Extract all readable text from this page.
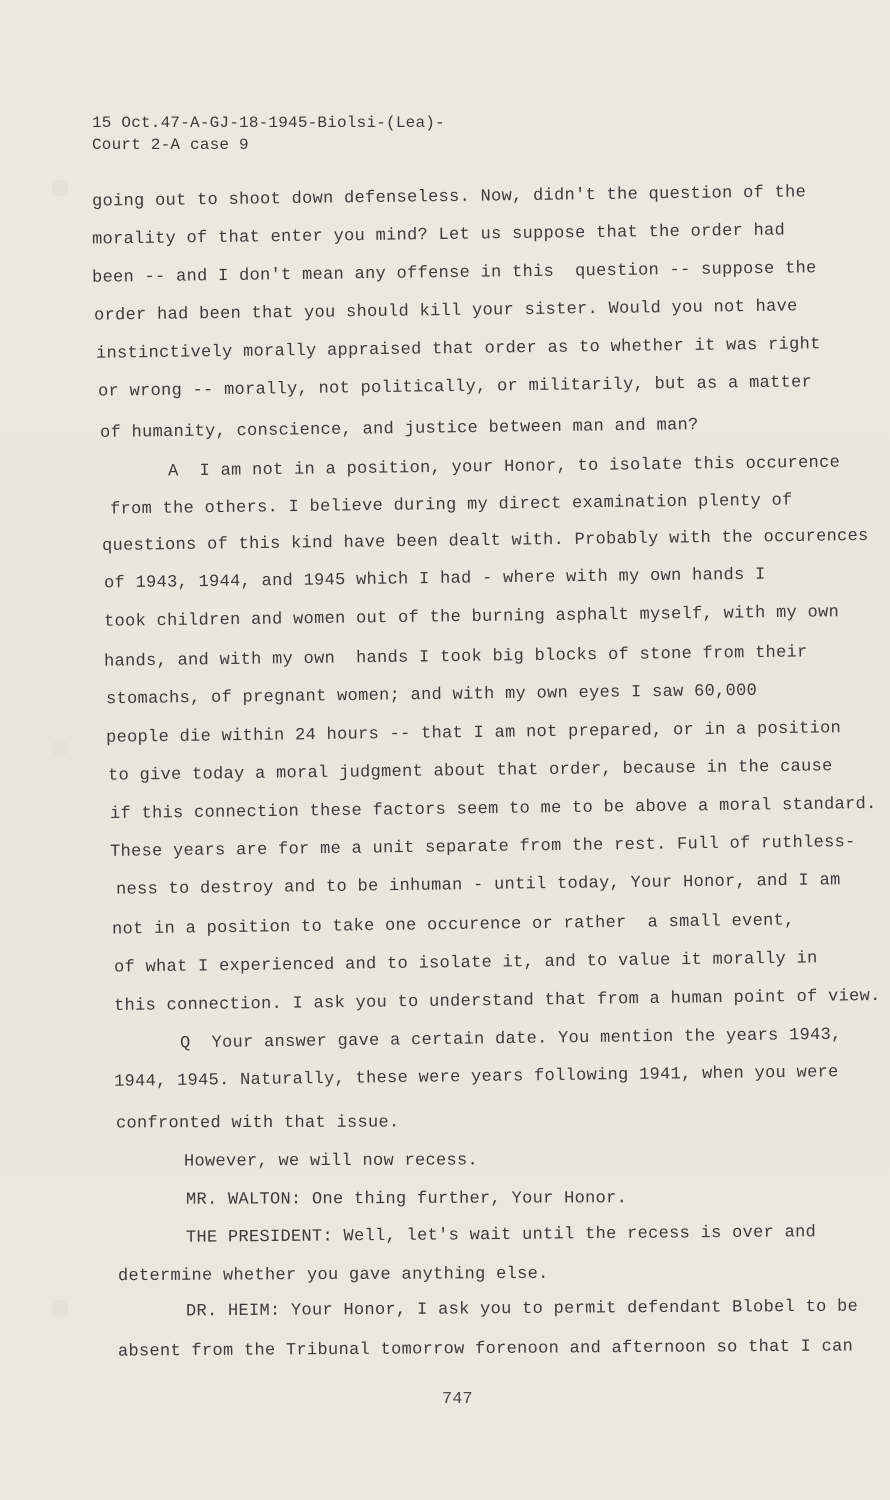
15 Oct.47-A-GJ-18-1945-Biolsi-(Lea)-
Court 2-A case 9
going out to shoot down defenseless. Now, didn't the question of the
morality of that enter you mind? Let us suppose that the order had
been -- and I don't mean any offense in this  question -- suppose the
order had been that you should kill your sister. Would you not have
instinctively morally appraised that order as to whether it was right
or wrong -- morally, not politically, or militarily, but as a matter
of humanity, conscience, and justice between man and man?
A  I am not in a position, your Honor, to isolate this occurence
from the others. I believe during my direct examination plenty of
questions of this kind have been dealt with. Probably with the occurences
of 1943, 1944, and 1945 which I had - where with my own hands I
took children and women out of the burning asphalt myself, with my own
hands, and with my own  hands I took big blocks of stone from their
stomachs, of pregnant women; and with my own eyes I saw 60,000
people die within 24 hours -- that I am not prepared, or in a position
to give today a moral judgment about that order, because in the cause
if this connection these factors seem to me to be above a moral standard.
These years are for me a unit separate from the rest. Full of ruthless-
ness to destroy and to be inhuman - until today, Your Honor, and I am
not in a position to take one occurence or rather  a small event,
of what I experienced and to isolate it, and to value it morally in
this connection. I ask you to understand that from a human point of view.
Q  Your answer gave a certain date. You mention the years 1943,
1944, 1945. Naturally, these were years following 1941, when you were
confronted with that issue.
However, we will now recess.
MR. WALTON: One thing further, Your Honor.
THE PRESIDENT: Well, let's wait until the recess is over and
determine whether you gave anything else.
DR. HEIM: Your Honor, I ask you to permit defendant Blobel to be
absent from the Tribunal tomorrow forenoon and afternoon so that I can
747
